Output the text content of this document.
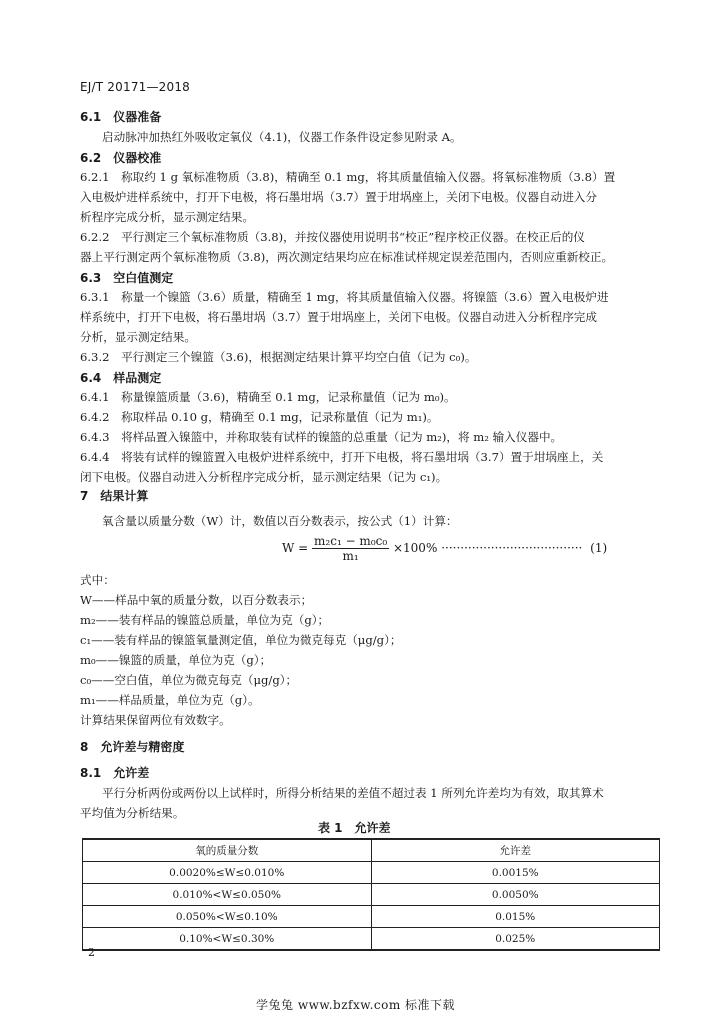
EJ/T 20171—2018
6.1　仪器准备
启动脉冲加热红外吸收定氧仪（4.1)，仪器工作条件设定参见附录 A。
6.2　仪器校准
6.2.1　称取约 1 g 氧标准物质（3.8)，精确至 0.1 mg，将其质量值输入仪器。将氧标准物质（3.8）置
入电极炉进样系统中，打开下电极，将石墨坩埚（3.7）置于坩埚座上，关闭下电极。仪器自动进入分
析程序完成分析，显示测定结果。
6.2.2　平行测定三个氧标准物质（3.8)，并按仪器使用说明书“校正”程序校正仪器。在校正后的仪
器上平行测定两个氧标准物质（3.8)，两次测定结果均应在标准试样规定误差范围内，否则应重新校正。
6.3　空白值测定
6.3.1　称量一个镍篮（3.6）质量，精确至 1 mg，将其质量值输入仪器。将镍篮（3.6）置入电极炉进
样系统中，打开下电极，将石墨坩埚（3.7）置于坩埚座上，关闭下电极。仪器自动进入分析程序完成
分析，显示测定结果。
6.3.2　平行测定三个镍篮（3.6)，根据测定结果计算平均空白值（记为 c₀)。
6.4　样品测定
6.4.1　称量镍篮质量（3.6)，精确至 0.1 mg，记录称量值（记为 m₀)。
6.4.2　称取样品 0.10 g，精确至 0.1 mg，记录称量值（记为 m₁)。
6.4.3　将样品置入镍篮中，并称取装有试样的镍篮的总重量（记为 m₂)，将 m₂ 输入仪器中。
6.4.4　将装有试样的镍篮置入电极炉进样系统中，打开下电极，将石墨坩埚（3.7）置于坩埚座上，关
闭下电极。仪器自动进入分析程序完成分析，显示测定结果（记为 c₁)。
7　结果计算
氧含量以质量分数（W）计，数值以百分数表示，按公式（1）计算：
$W = \frac{\text{m₂c₁ − m₀c₀}}{\text{m₁}} \times 100\%$ ····································· (1)
式中：
W——样品中氧的质量分数，以百分数表示；
m₂——装有样品的镍篮总质量，单位为克（g）；
c₁——装有样品的镍篮氧量测定值，单位为微克每克（μg/g）；
m₀——镍篮的质量，单位为克（g）；
c₀——空白值，单位为微克每克（μg/g）；
m₁——样品质量，单位为克（g）。
计算结果保留两位有效数字。
8　允许差与精密度
8.1　允许差
平行分析两份或两份以上试样时，所得分析结果的差值不超过表 1 所列允许差均为有效，取其算术
平均值为分析结果。
表 1　允许差
氧的质量分数	允许差
0.0020%≤W≤0.010%	0.0015%
0.010%<W≤0.050%	0.0050%
0.050%<W≤0.10%	0.015%
0.10%<W≤0.30%	0.025%
2
学兔兔 www.bzfxw.com 标准下载
